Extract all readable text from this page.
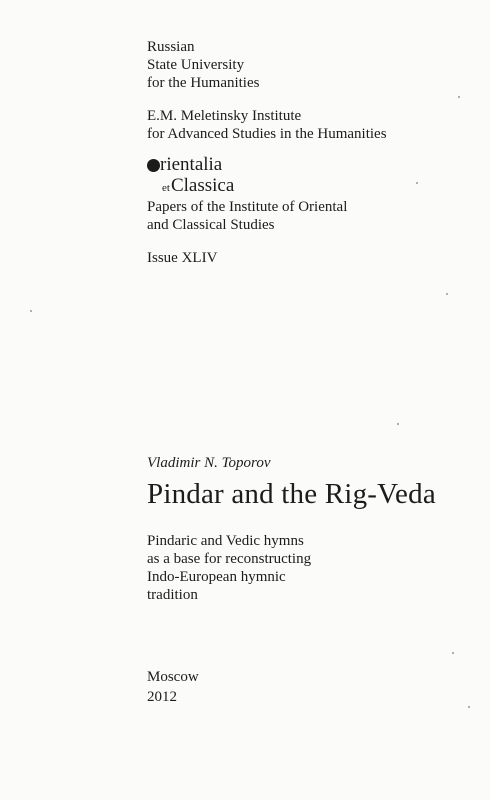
Russian

State University

for the Humanities

E.M. Meletinsky Institute

for Advanced Studies in the Humanities

rientalia
etClassica

Papers of the Institute of Oriental

and Classical Studies

Issue XLIV
Vladimir N. Toporov
Pindar and the Rig-Veda

Pindaric and Vedic hymns

as a base for reconstructing

Indo-European hymnic

tradition

Moscow

2012
